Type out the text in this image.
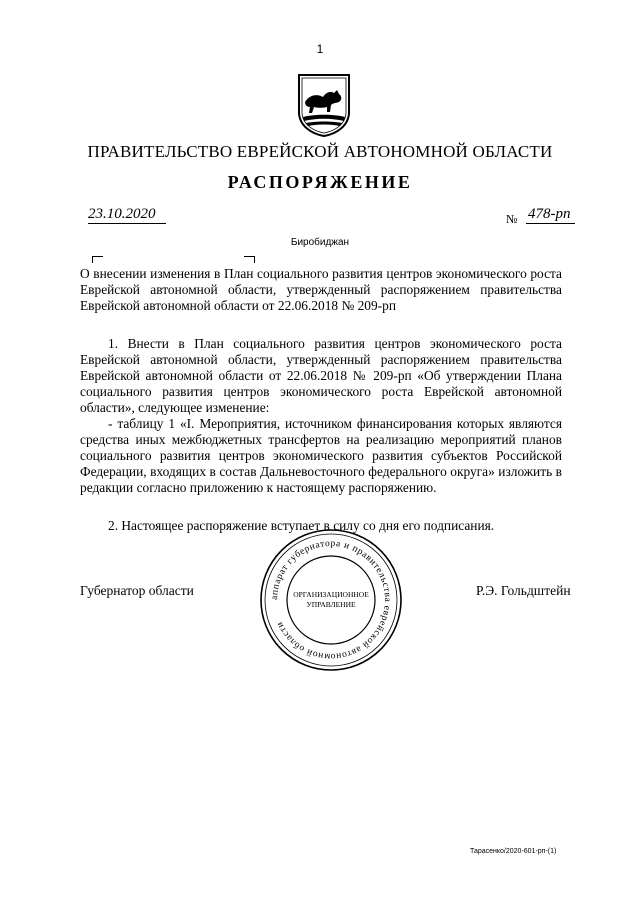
1
ПРАВИТЕЛЬСТВО ЕВРЕЙСКОЙ АВТОНОМНОЙ ОБЛАСТИ
РАСПОРЯЖЕНИЕ
23.10.2020	№ 478-рп
Биробиджан
О внесении изменения в План социального развития центров экономического роста Еврейской автономной области, утвержденный распоряжением правительства Еврейской автономной области от 22.06.2018 № 209-рп

1. Внести в План социального развития центров экономического роста Еврейской автономной области, утвержденный распоряжением правительства Еврейской автономной области от 22.06.2018 № 209-рп «Об утверждении Плана социального развития центров экономического роста Еврейской автономной области», следующее изменение:

- таблицу 1 «I. Мероприятия, источником финансирования которых являются средства иных межбюджетных трансфертов на реализацию мероприятий планов социального развития центров экономического развития субъектов Российской Федерации, входящих в состав Дальневосточного федерального округа» изложить в редакции согласно приложению к настоящему распоряжению.

2. Настоящее распоряжение вступает в силу со дня его подписания.

Губернатор области	Р.Э. Гольдштейн
аппарат губернатора и правительства еврейской автономной области
ОРГАНИЗАЦИОННОЕ
УПРАВЛЕНИЕ
Тарасенко/2020-601-рп-(1)
